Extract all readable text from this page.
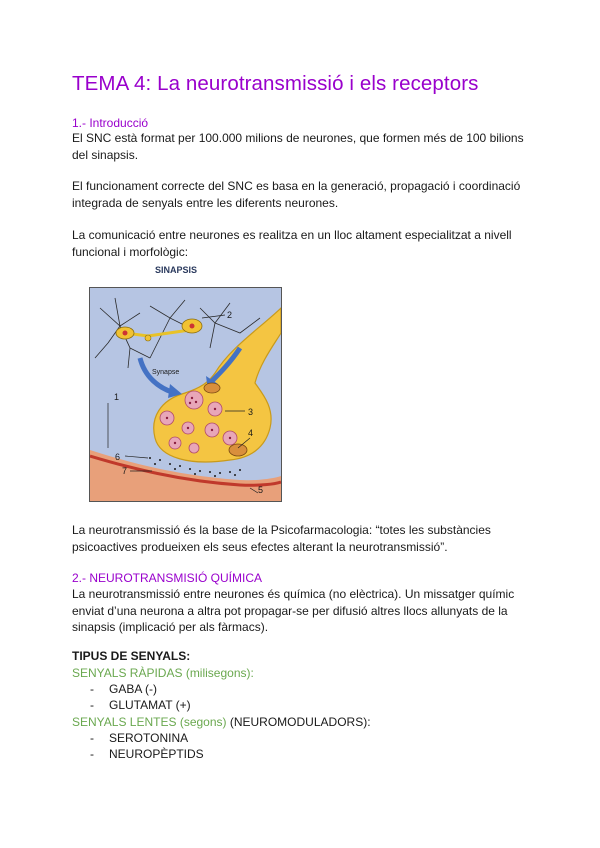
TEMA 4: La neurotransmissió i els receptors
1.- Introducció

El SNC està format per 100.000 milions de neurones, que formen més de 100 bilions del sinapsis.

El funcionament correcte del SNC es basa en la generació, propagació i coordinació integrada de senyals entre les diferents neurones.

La comunicació entre neurones es realitza en un lloc altament especialitzat a nivell funcional i morfològic:

SINAPSIS
Synapse
1
2
3
4
5
6
7

La neurotransmissió és la base de la Psicofarmacologia: “totes les substàncies psicoactives produeixen els seus efectes alterant la neurotransmissió”.

2.- NEUROTRANSMISIÓ QUÍMICA

La neurotransmissió entre neurones és química (no elèctrica). Un missatger químic enviat d’una neurona a altra pot propagar-se per difusió altres llocs allunyats de la sinapsis (implicació per als fàrmacs).

TIPUS DE SENYALS:
SENYALS RÀPIDAS (milisegons):
- GABA (-)
- GLUTAMAT (+)
SENYALS LENTES (segons) (NEUROMODULADORS):
- SEROTONINA
- NEUROPÈPTIDS
